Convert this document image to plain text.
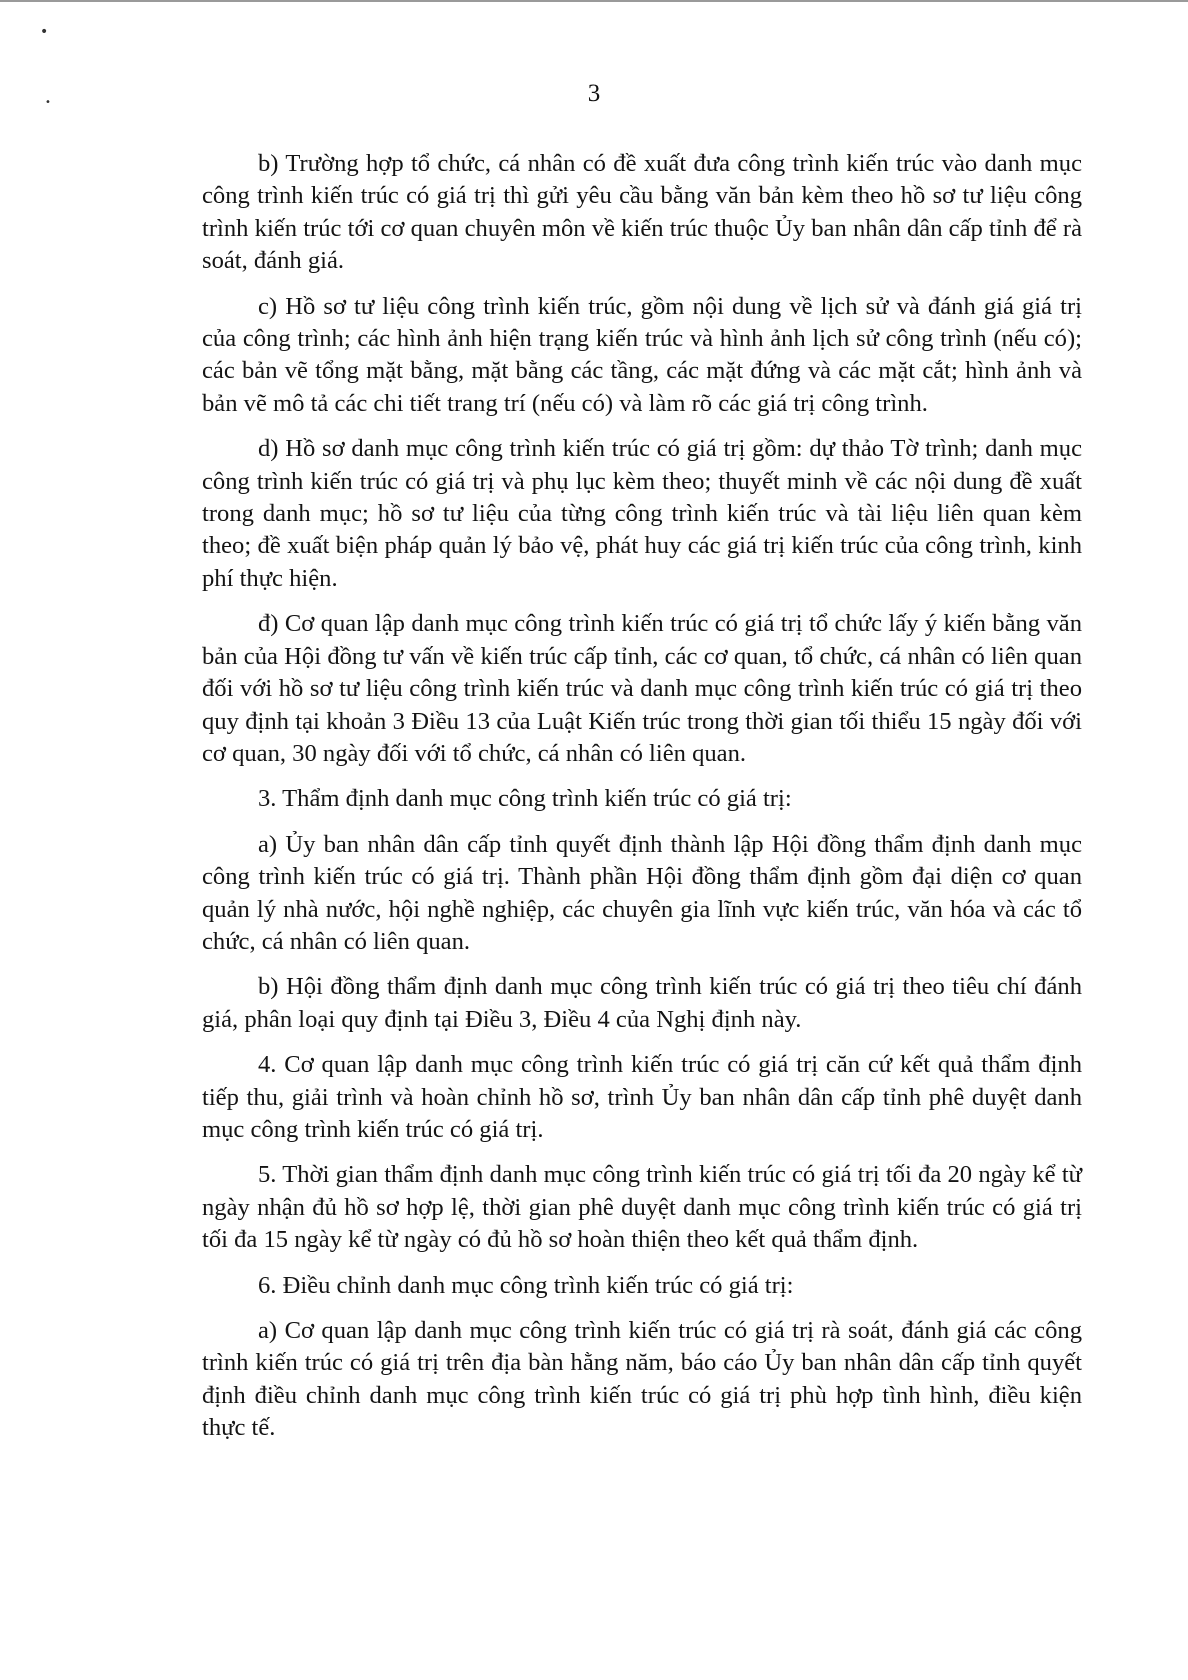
•
•	3

b) Trường hợp tổ chức, cá nhân có đề xuất đưa công trình kiến trúc vào danh mục công trình kiến trúc có giá trị thì gửi yêu cầu bằng văn bản kèm theo hồ sơ tư liệu công trình kiến trúc tới cơ quan chuyên môn về kiến trúc thuộc Ủy ban nhân dân cấp tỉnh để rà soát, đánh giá.

c) Hồ sơ tư liệu công trình kiến trúc, gồm nội dung về lịch sử và đánh giá giá trị của công trình; các hình ảnh hiện trạng kiến trúc và hình ảnh lịch sử công trình (nếu có); các bản vẽ tổng mặt bằng, mặt bằng các tầng, các mặt đứng và các mặt cắt; hình ảnh và bản vẽ mô tả các chi tiết trang trí (nếu có) và làm rõ các giá trị công trình.

d) Hồ sơ danh mục công trình kiến trúc có giá trị gồm: dự thảo Tờ trình; danh mục công trình kiến trúc có giá trị và phụ lục kèm theo; thuyết minh về các nội dung đề xuất trong danh mục; hồ sơ tư liệu của từng công trình kiến trúc và tài liệu liên quan kèm theo; đề xuất biện pháp quản lý bảo vệ, phát huy các giá trị kiến trúc của công trình, kinh phí thực hiện.

đ) Cơ quan lập danh mục công trình kiến trúc có giá trị tổ chức lấy ý kiến bằng văn bản của Hội đồng tư vấn về kiến trúc cấp tỉnh, các cơ quan, tổ chức, cá nhân có liên quan đối với hồ sơ tư liệu công trình kiến trúc và danh mục công trình kiến trúc có giá trị theo quy định tại khoản 3 Điều 13 của Luật Kiến trúc trong thời gian tối thiểu 15 ngày đối với cơ quan, 30 ngày đối với tổ chức, cá nhân có liên quan.

3. Thẩm định danh mục công trình kiến trúc có giá trị:

a) Ủy ban nhân dân cấp tỉnh quyết định thành lập Hội đồng thẩm định danh mục công trình kiến trúc có giá trị. Thành phần Hội đồng thẩm định gồm đại diện cơ quan quản lý nhà nước, hội nghề nghiệp, các chuyên gia lĩnh vực kiến trúc, văn hóa và các tổ chức, cá nhân có liên quan.

b) Hội đồng thẩm định danh mục công trình kiến trúc có giá trị theo tiêu chí đánh giá, phân loại quy định tại Điều 3, Điều 4 của Nghị định này.

4. Cơ quan lập danh mục công trình kiến trúc có giá trị căn cứ kết quả thẩm định tiếp thu, giải trình và hoàn chỉnh hồ sơ, trình Ủy ban nhân dân cấp tỉnh phê duyệt danh mục công trình kiến trúc có giá trị.

5. Thời gian thẩm định danh mục công trình kiến trúc có giá trị tối đa 20 ngày kể từ ngày nhận đủ hồ sơ hợp lệ, thời gian phê duyệt danh mục công trình kiến trúc có giá trị tối đa 15 ngày kể từ ngày có đủ hồ sơ hoàn thiện theo kết quả thẩm định.

6. Điều chỉnh danh mục công trình kiến trúc có giá trị:

a) Cơ quan lập danh mục công trình kiến trúc có giá trị rà soát, đánh giá các công trình kiến trúc có giá trị trên địa bàn hằng năm, báo cáo Ủy ban nhân dân cấp tỉnh quyết định điều chỉnh danh mục công trình kiến trúc có giá trị phù hợp tình hình, điều kiện thực tế.
